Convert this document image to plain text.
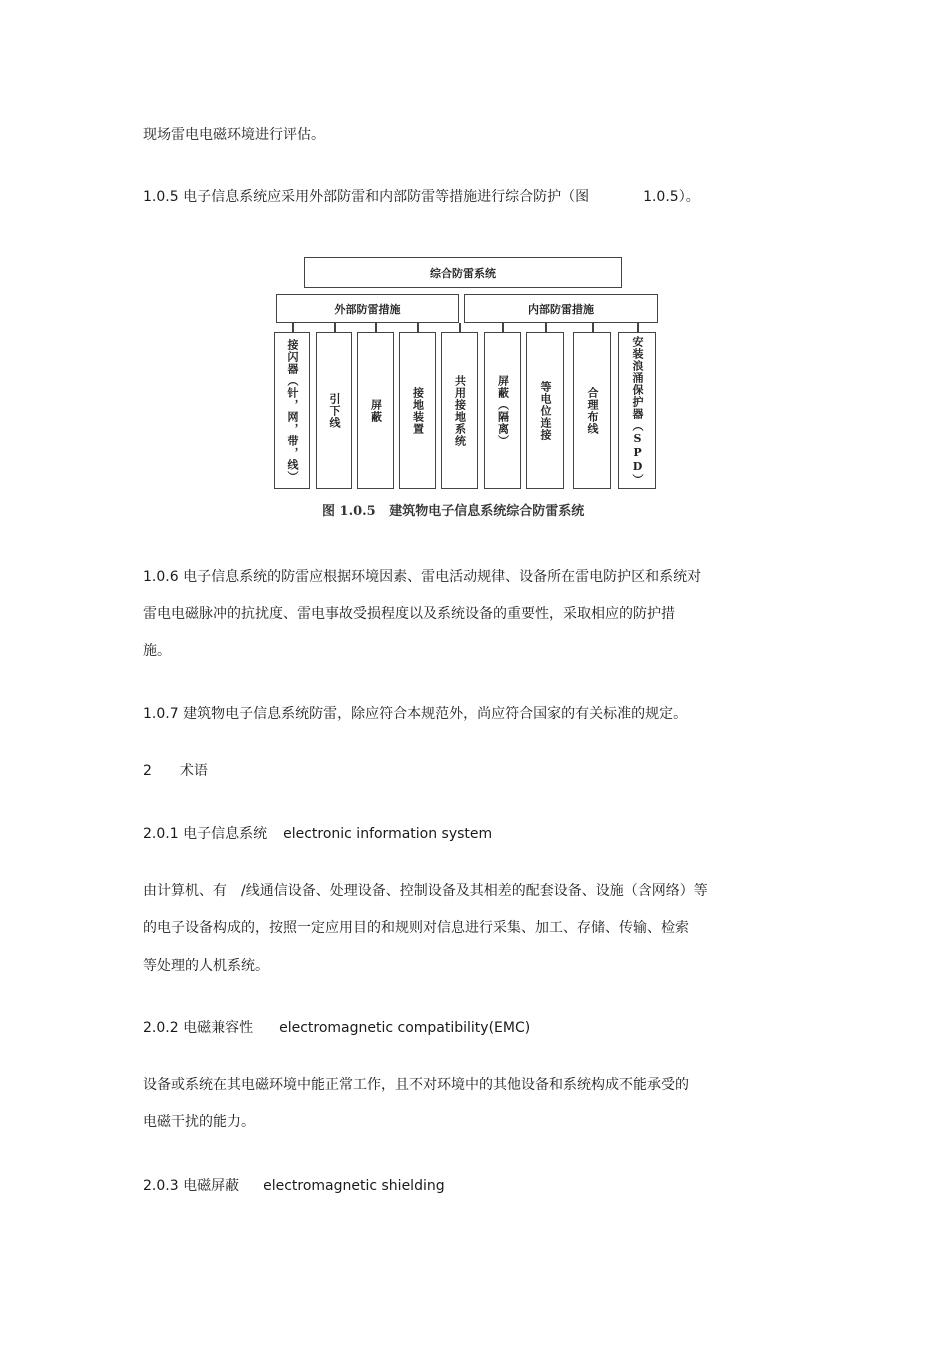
现场雷电电磁环境进行评估。
1.0.5 电子信息系统应采用外部防雷和内部防雷等措施进行综合防护（图	1.0.5）。
综合防雷系统
外部防雷措施	内部防雷措施
接闪器（针，网，带，线）	引下线	屏蔽	接地装置	共用接地系统	屏蔽（隔离）	等电位连接	合理布线	安装浪涌保护器（SPD）
图 1.0.5   建筑物电子信息系统综合防雷系统
1.0.6 电子信息系统的防雷应根据环境因素、雷电活动规律、设备所在雷电防护区和系统对
雷电电磁脉冲的抗扰度、雷电事故受损程度以及系统设备的重要性，采取相应的防护措
施。
1.0.7 建筑物电子信息系统防雷，除应符合本规范外，尚应符合国家的有关标准的规定。
2 术语
2.0.1 电子信息系统 electronic information system
由计算机、有 /线通信设备、处理设备、控制设备及其相差的配套设备、设施（含网络）等
的电子设备构成的，按照一定应用目的和规则对信息进行采集、加工、存储、传输、检索
等处理的人机系统。
2.0.2 电磁兼容性 electromagnetic compatibility(EMC)
设备或系统在其电磁环境中能正常工作，且不对环境中的其他设备和系统构成不能承受的
电磁干扰的能力。
2.0.3 电磁屏蔽 electromagnetic shielding
